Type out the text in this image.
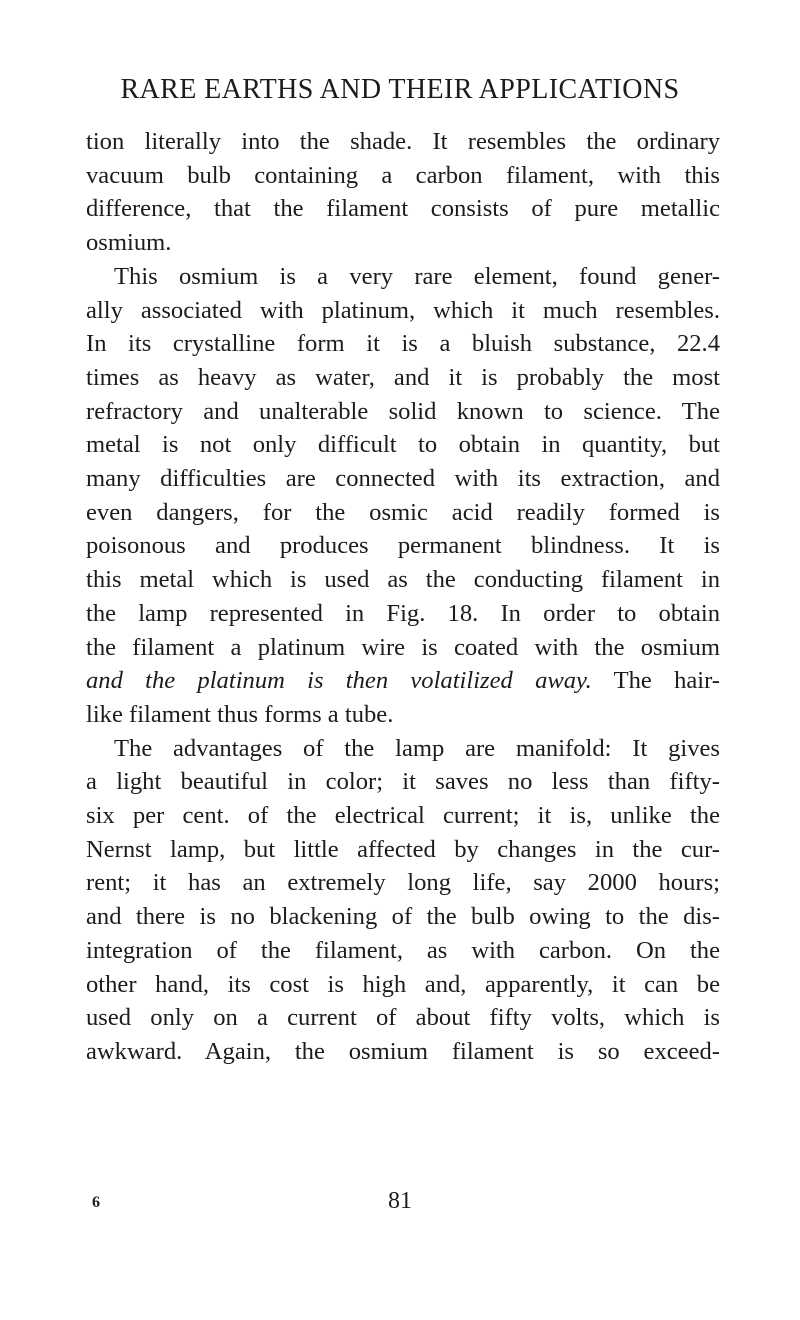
RARE EARTHS AND THEIR APPLICATIONS
tion literally into the shade. It resembles the ordinary
vacuum bulb containing a carbon filament, with this
difference, that the filament consists of pure metallic
osmium.
This osmium is a very rare element, found gener-
ally associated with platinum, which it much resembles.
In its crystalline form it is a bluish substance, 22.4
times as heavy as water, and it is probably the most
refractory and unalterable solid known to science. The
metal is not only difficult to obtain in quantity, but
many difficulties are connected with its extraction, and
even dangers, for the osmic acid readily formed is
poisonous and produces permanent blindness. It is
this metal which is used as the conducting filament in
the lamp represented in Fig. 18. In order to obtain
the filament a platinum wire is coated with the osmium
and the platinum is then volatilized away. The hair-
like filament thus forms a tube.
The advantages of the lamp are manifold: It gives
a light beautiful in color; it saves no less than fifty-
six per cent. of the electrical current; it is, unlike the
Nernst lamp, but little affected by changes in the cur-
rent; it has an extremely long life, say 2000 hours;
and there is no blackening of the bulb owing to the dis-
integration of the filament, as with carbon. On the
other hand, its cost is high and, apparently, it can be
used only on a current of about fifty volts, which is
awkward. Again, the osmium filament is so exceed-
6	81
